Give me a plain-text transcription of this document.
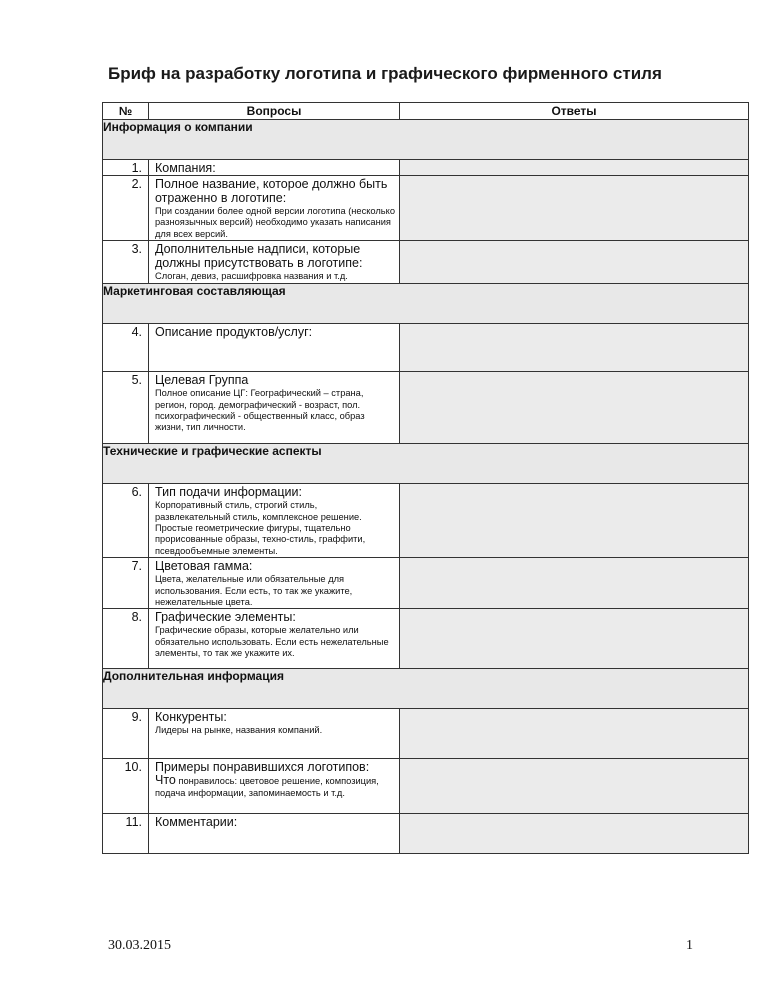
Бриф на разработку логотипа и графического фирменного стиля
№	Вопросы	Ответы
Информация о компании		
1.	Компания:	

2.	Полное название, которое должно быть отраженно в логотипе:
При создании более одной версии логотипа (несколько разноязычных версий) необходимо указать написания для всех версий.	

3.	Дополнительные надписи, которые должны присутствовать в логотипе:
Слоган, девиз, расшифровка названия и т.д.	

Маркетинговая составляющая		
4.	Описание продуктов/услуг:	

5.	Целевая Группа
Полное описание ЦГ: Географический – страна, регион, город. демографический - возраст, пол. психографический - общественный класс, образ жизни, тип личности.	

Технические и графические аспекты		
6.	Тип подачи информации:
Корпоративный стиль, строгий стиль, развлекательный стиль, комплексное решение. Простые геометрические фигуры, тщательно прорисованные образы, техно-стиль, граффити, псевдообъемные элементы.	

7.	Цветовая гамма:
Цвета, желательные или обязательные для использования. Если есть, то так же укажите, нежелательные цвета.	

8.	Графические элементы:
Графические образы, которые желательно или обязательно использовать. Если есть нежелательные элементы, то так же укажите их.	

Дополнительная информация		
9.	Конкуренты:
Лидеры на рынке, названия компаний.	

10.	Примеры понравившихся логотипов:
Что понравилось: цветовое решение, композиция, подача информации, запоминаемость и т.д.	

11.	Комментарии:	

30.03.2015	1
